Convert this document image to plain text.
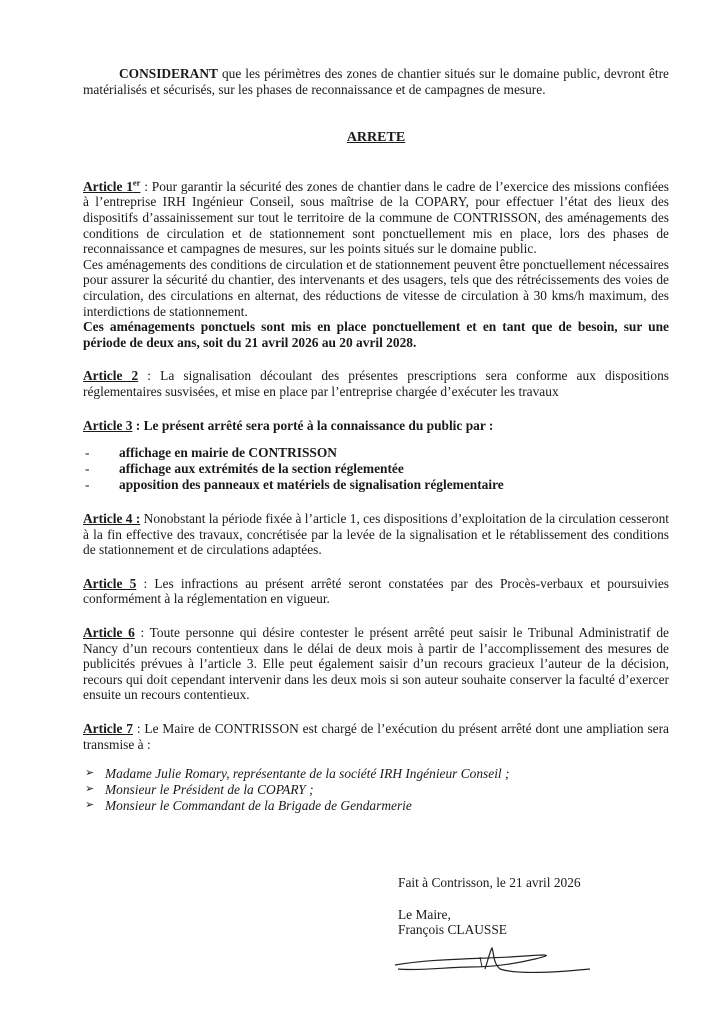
CONSIDERANT que les périmètres des zones de chantier situés sur le domaine public, devront être matérialisés et sécurisés, sur les phases de reconnaissance et de campagnes de mesure.

ARRETE

Article 1er : Pour garantir la sécurité des zones de chantier dans le cadre de l’exercice des missions confiées à l’entreprise IRH Ingénieur Conseil, sous maîtrise de la COPARY, pour effectuer l’état des lieux des dispositifs d’assainissement sur tout le territoire de la commune de CONTRISSON, des aménagements des conditions de circulation et de stationnement sont ponctuellement mis en place, lors des phases de reconnaissance et campagnes de mesures, sur les points situés sur le domaine public.

Ces aménagements des conditions de circulation et de stationnement peuvent être ponctuellement nécessaires pour assurer la sécurité du chantier, des intervenants et des usagers, tels que des rétrécissements des voies de circulation, des circulations en alternat, des réductions de vitesse de circulation à 30 kms/h maximum, des interdictions de stationnement.

Ces aménagements ponctuels sont mis en place ponctuellement et en tant que de besoin, sur une période de deux ans, soit du 21 avril 2026 au 20 avril 2028.

Article 2 : La signalisation découlant des présentes prescriptions sera conforme aux dispositions réglementaires susvisées, et mise en place par l’entreprise chargée d’exécuter les travaux

Article 3 : Le présent arrêté sera porté à la connaissance du public par :

- affichage en mairie de CONTRISSON
- affichage aux extrémités de la section réglementée
- apposition des panneaux et matériels de signalisation réglementaire

Article 4 : Nonobstant la période fixée à l’article 1, ces dispositions d’exploitation de la circulation cesseront à la fin effective des travaux, concrétisée par la levée de la signalisation et le rétablissement des conditions de stationnement et de circulations adaptées.

Article 5 : Les infractions au présent arrêté seront constatées par des Procès-verbaux et poursuivies conformément à la réglementation en vigueur.

Article 6 : Toute personne qui désire contester le présent arrêté peut saisir le Tribunal Administratif de Nancy d’un recours contentieux dans le délai de deux mois à partir de l’accomplissement des mesures de publicités prévues à l’article 3. Elle peut également saisir d’un recours gracieux l’auteur de la décision, recours qui doit cependant intervenir dans les deux mois si son auteur souhaite conserver la faculté d’exercer ensuite un recours contentieux.

Article 7 : Le Maire de CONTRISSON est chargé de l’exécution du présent arrêté dont une ampliation sera transmise à :

➢ Madame Julie Romary, représentante de la société IRH Ingénieur Conseil ;
➢ Monsieur le Président de la COPARY ;
➢ Monsieur le Commandant de la Brigade de Gendarmerie

Fait à Contrisson, le 21 avril 2026

Le Maire,

François CLAUSSE
